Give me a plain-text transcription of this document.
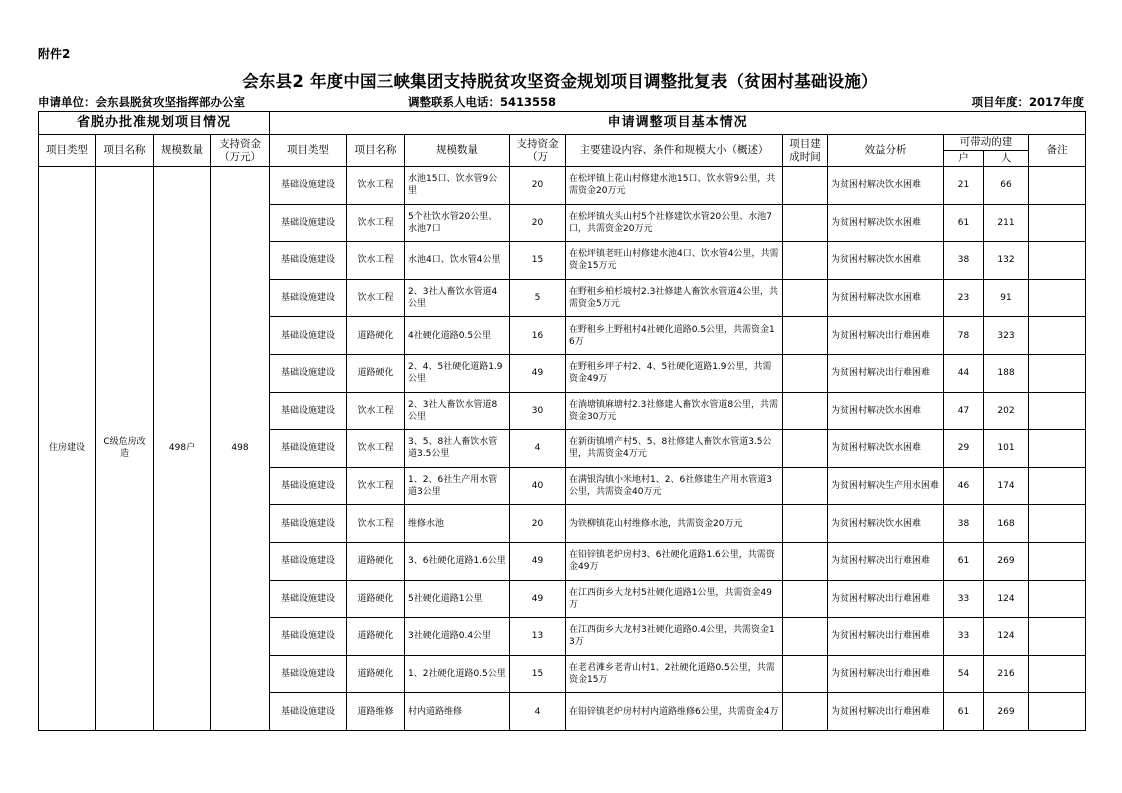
附件2
会东县2 年度中国三峡集团支持脱贫攻坚资金规划项目调整批复表（贫困村基础设施）
申请单位：会东县脱贫攻坚指挥部办公室	调整联系人电话：5413558	项目年度：2017年度
省脱办批准规划项目情况				申请调整项目基本情况									
项目类型	项目名称	规模数量	支持资金（万元）	项目类型	项目名称	规模数量	支持资金（万	主要建设内容、条件和规模大小（概述）	项目建成时间	效益分析	可带动的建		备注
											户	人	
住房建设	C级危房改造	498户	498	基础设施建设	饮水工程	水池15口、饮水管9公里	20	在松坪镇上花山村修建水池15口、饮水管9公里，共需资金20万元		为贫困村解决饮水困难	21	66	
				基础设施建设	饮水工程	5个社饮水管20公里、水池7口	20	在松坪镇火头山村5个社修建饮水管20公里、水池7口，共需资金20万元		为贫困村解决饮水困难	61	211	
				基础设施建设	饮水工程	水池4口、饮水管4公里	15	在松坪镇老旺山村修建水池4口、饮水管4公里，共需资金15万元		为贫困村解决饮水困难	38	132	
				基础设施建设	饮水工程	2、3社人畜饮水管道4公里	5	在野租乡柏杉坡村2.3社修建人畜饮水管道4公里，共需资金5万元		为贫困村解决饮水困难	23	91	
				基础设施建设	道路硬化	4社硬化道路0.5公里	16	在野租乡上野租村4社硬化道路0.5公里，共需资金16万		为贫困村解决出行难困难	78	323	
				基础设施建设	道路硬化	2、4、5社硬化道路1.9公里	49	在野租乡坪子村2、4、5社硬化道路1.9公里，共需资金49万		为贫困村解决出行难困难	44	188	
				基础设施建设	饮水工程	2、3社人畜饮水管道8公里	30	在淌塘镇麻塘村2.3社修建人畜饮水管道8公里，共需资金30万元		为贫困村解决饮水困难	47	202	
				基础设施建设	饮水工程	3、5、8社人畜饮水管道3.5公里	4	在新街镇增产村5、5、8社修建人畜饮水管道3.5公里，共需资金4万元		为贫困村解决饮水困难	29	101	
				基础设施建设	饮水工程	1、2、6社生产用水管道3公里	40	在满银沟镇小米地村1、2、6社修建生产用水管道3公里，共需资金40万元		为贫困村解决生产用水困难	46	174	
				基础设施建设	饮水工程	维修水池	20	为铁柳镇花山村维修水池，共需资金20万元		为贫困村解决饮水困难	38	168	
				基础设施建设	道路硬化	3、6社硬化道路1.6公里	49	在铅锌镇老炉房村3、6社硬化道路1.6公里，共需资金49万		为贫困村解决出行难困难	61	269	
				基础设施建设	道路硬化	5社硬化道路1公里	49	在江西街乡大龙村5社硬化道路1公里，共需资金49万		为贫困村解决出行难困难	33	124	
				基础设施建设	道路硬化	3社硬化道路0.4公里	13	在江西街乡大龙村3社硬化道路0.4公里，共需资金13万		为贫困村解决出行难困难	33	124	
				基础设施建设	道路硬化	1、2社硬化道路0.5公里	15	在老君滩乡老青山村1、2社硬化道路0.5公里，共需资金15万		为贫困村解决出行难困难	54	216	
				基础设施建设	道路维修	村内道路维修	4	在铅锌镇老炉房村村内道路维修6公里，共需资金4万		为贫困村解决出行难困难	61	269	
